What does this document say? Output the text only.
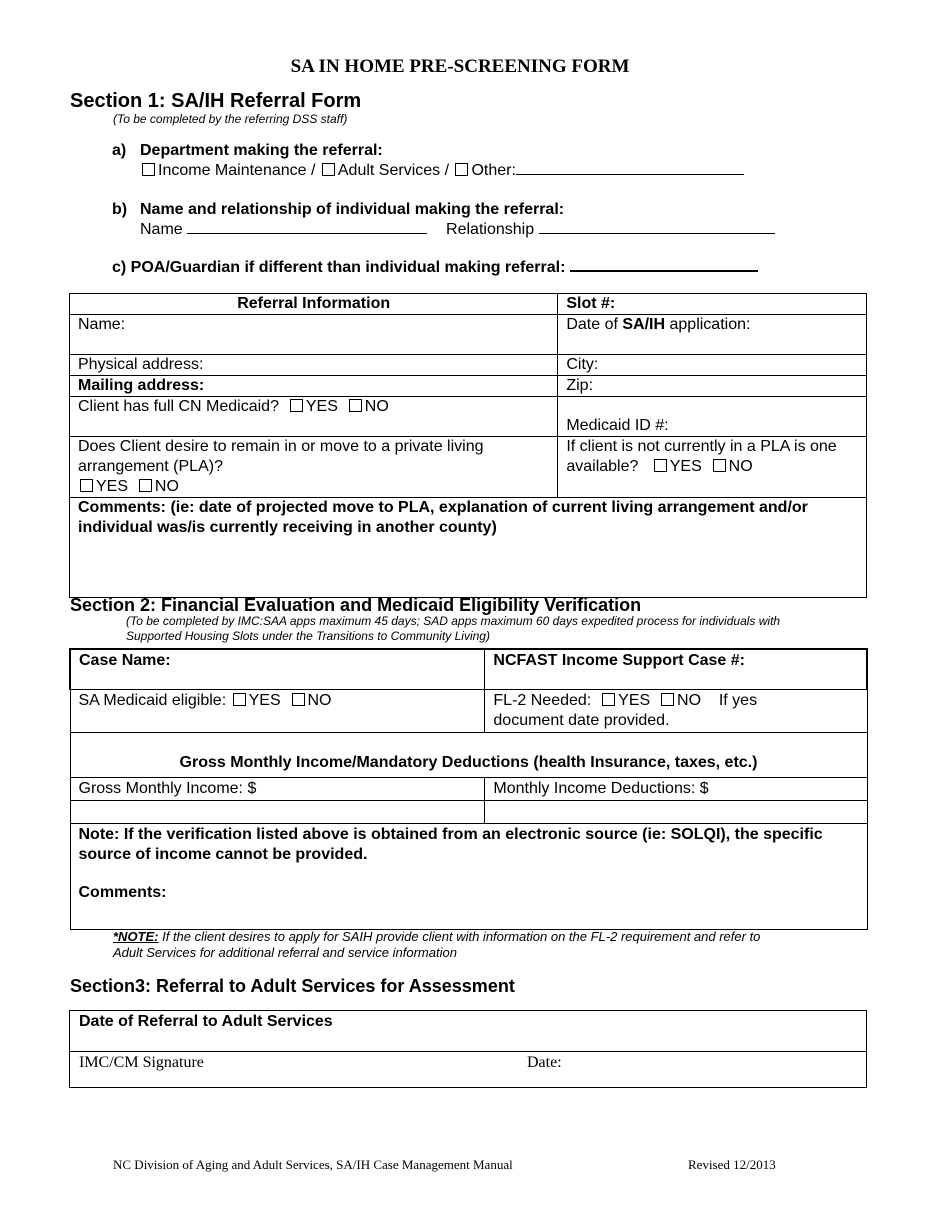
SA IN HOME PRE-SCREENING FORM
Section 1: SA/IH Referral Form
(To be completed by the referring DSS staff)
a) Department making the referral:
Income Maintenance / Adult Services / Other:
b) Name and relationship of individual making the referral:
Name	Relationship
c) POA/Guardian if different than individual making referral:
Referral Information	Slot #:
Name:	Date of SA/IH application:
Physical address:	City:
Mailing address:	Zip:
Client has full CN Medicaid? YES NO	Medicaid ID #:

Does Client desire to remain in or move to a private living arrangement (PLA)?
YES NO	If client is not currently in a PLA is one available? YES NO
Comments: (ie: date of projected move to PLA, explanation of current living arrangement and/or individual was/is currently receiving in another county)	
Section 2: Financial Evaluation and Medicaid Eligibility Verification
(To be completed by IMC:SAA apps maximum 45 days; SAD apps maximum 60 days expedited process for individuals with
Supported Housing Slots under the Transitions to Community Living)
Case Name:	NCFAST Income Support Case #:
SA Medicaid eligible: YES NO	FL-2 Needed: YES NO If yes
document date provided.

Gross Monthly Income/Mandatory Deductions (health Insurance, taxes, etc.)	
Gross Monthly Income: $	Monthly Income Deductions: $

Note: If the verification listed above is obtained from an electronic source (ie: SOLQI), the specific source of income cannot be provided.
Comments:	
*NOTE: If the client desires to apply for SAIH provide client with information on the FL-2 requirement and refer to
Adult Services for additional referral and service information
Section3: Referral to Adult Services for Assessment
Date of Referral to Adult Services
IMC/CM Signature	Date:
NC Division of Aging and Adult Services, SA/IH Case Management Manual	Revised 12/2013
